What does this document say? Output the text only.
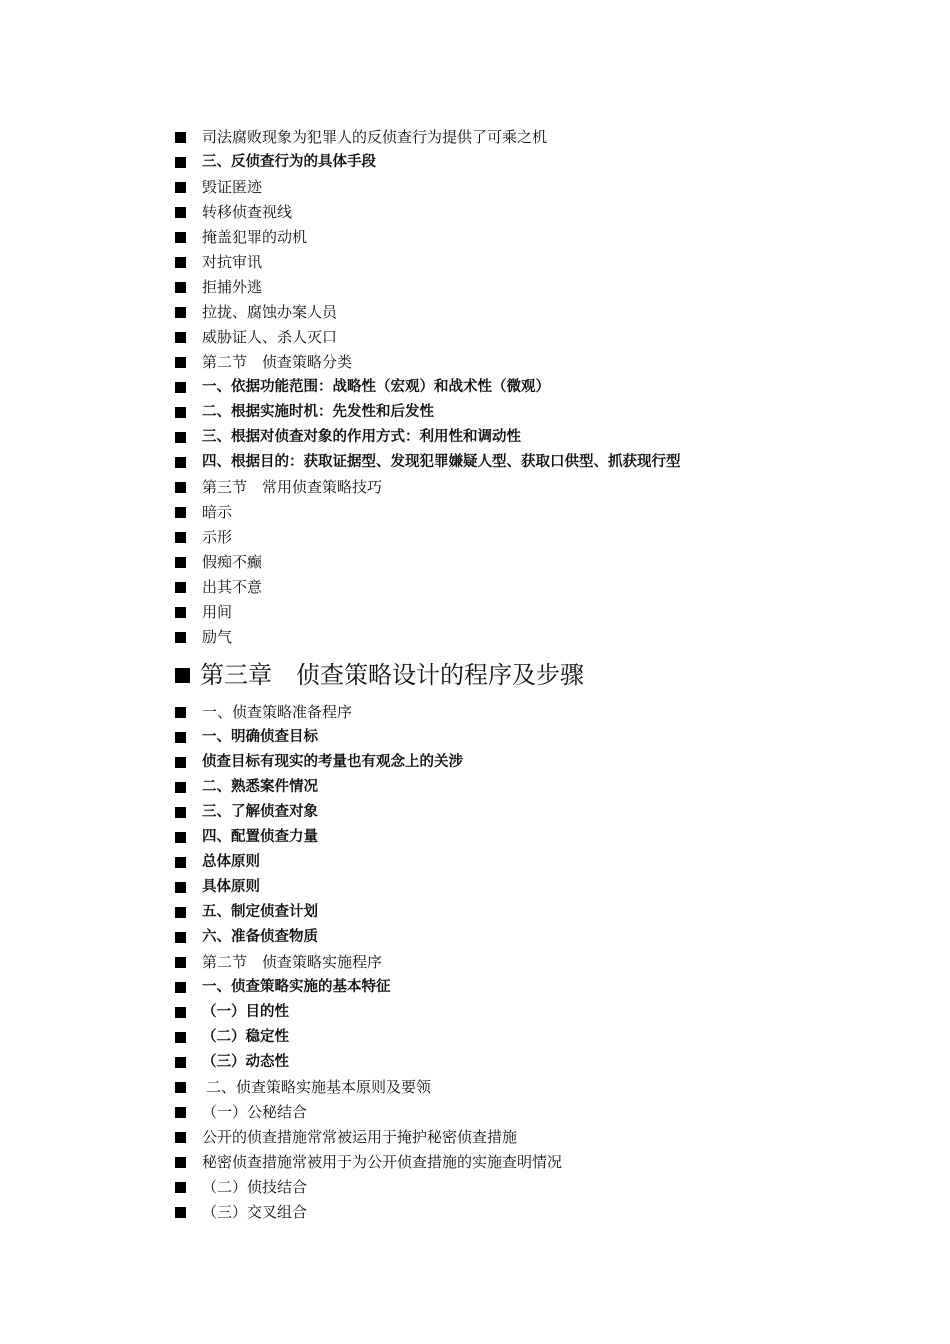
司法腐败现象为犯罪人的反侦查行为提供了可乘之机
三、反侦查行为的具体手段
毁证匿迹
转移侦查视线
掩盖犯罪的动机
对抗审讯
拒捕外逃
拉拢、腐蚀办案人员
威胁证人、杀人灭口
第二节　侦查策略分类
一、依据功能范围：战略性（宏观）和战术性（微观）
二、根据实施时机：先发性和后发性
三、根据对侦查对象的作用方式：利用性和调动性
四、根据目的：获取证据型、发现犯罪嫌疑人型、获取口供型、抓获现行型
第三节　常用侦查策略技巧
暗示
示形
假痴不癫
出其不意
用间
励气
第三章　侦查策略设计的程序及步骤
一、侦查策略准备程序
一、明确侦查目标
侦查目标有现实的考量也有观念上的关涉
二、熟悉案件情况
三、了解侦查对象
四、配置侦查力量
总体原则
具体原则
五、制定侦查计划
六、准备侦查物质
第二节　侦查策略实施程序
一、侦查策略实施的基本特征
（一）目的性
（二）稳定性
（三）动态性
二、侦查策略实施基本原则及要领
（一）公秘结合
公开的侦查措施常常被运用于掩护秘密侦查措施
秘密侦查措施常被用于为公开侦查措施的实施查明情况
（二）侦技结合
（三）交叉组合
